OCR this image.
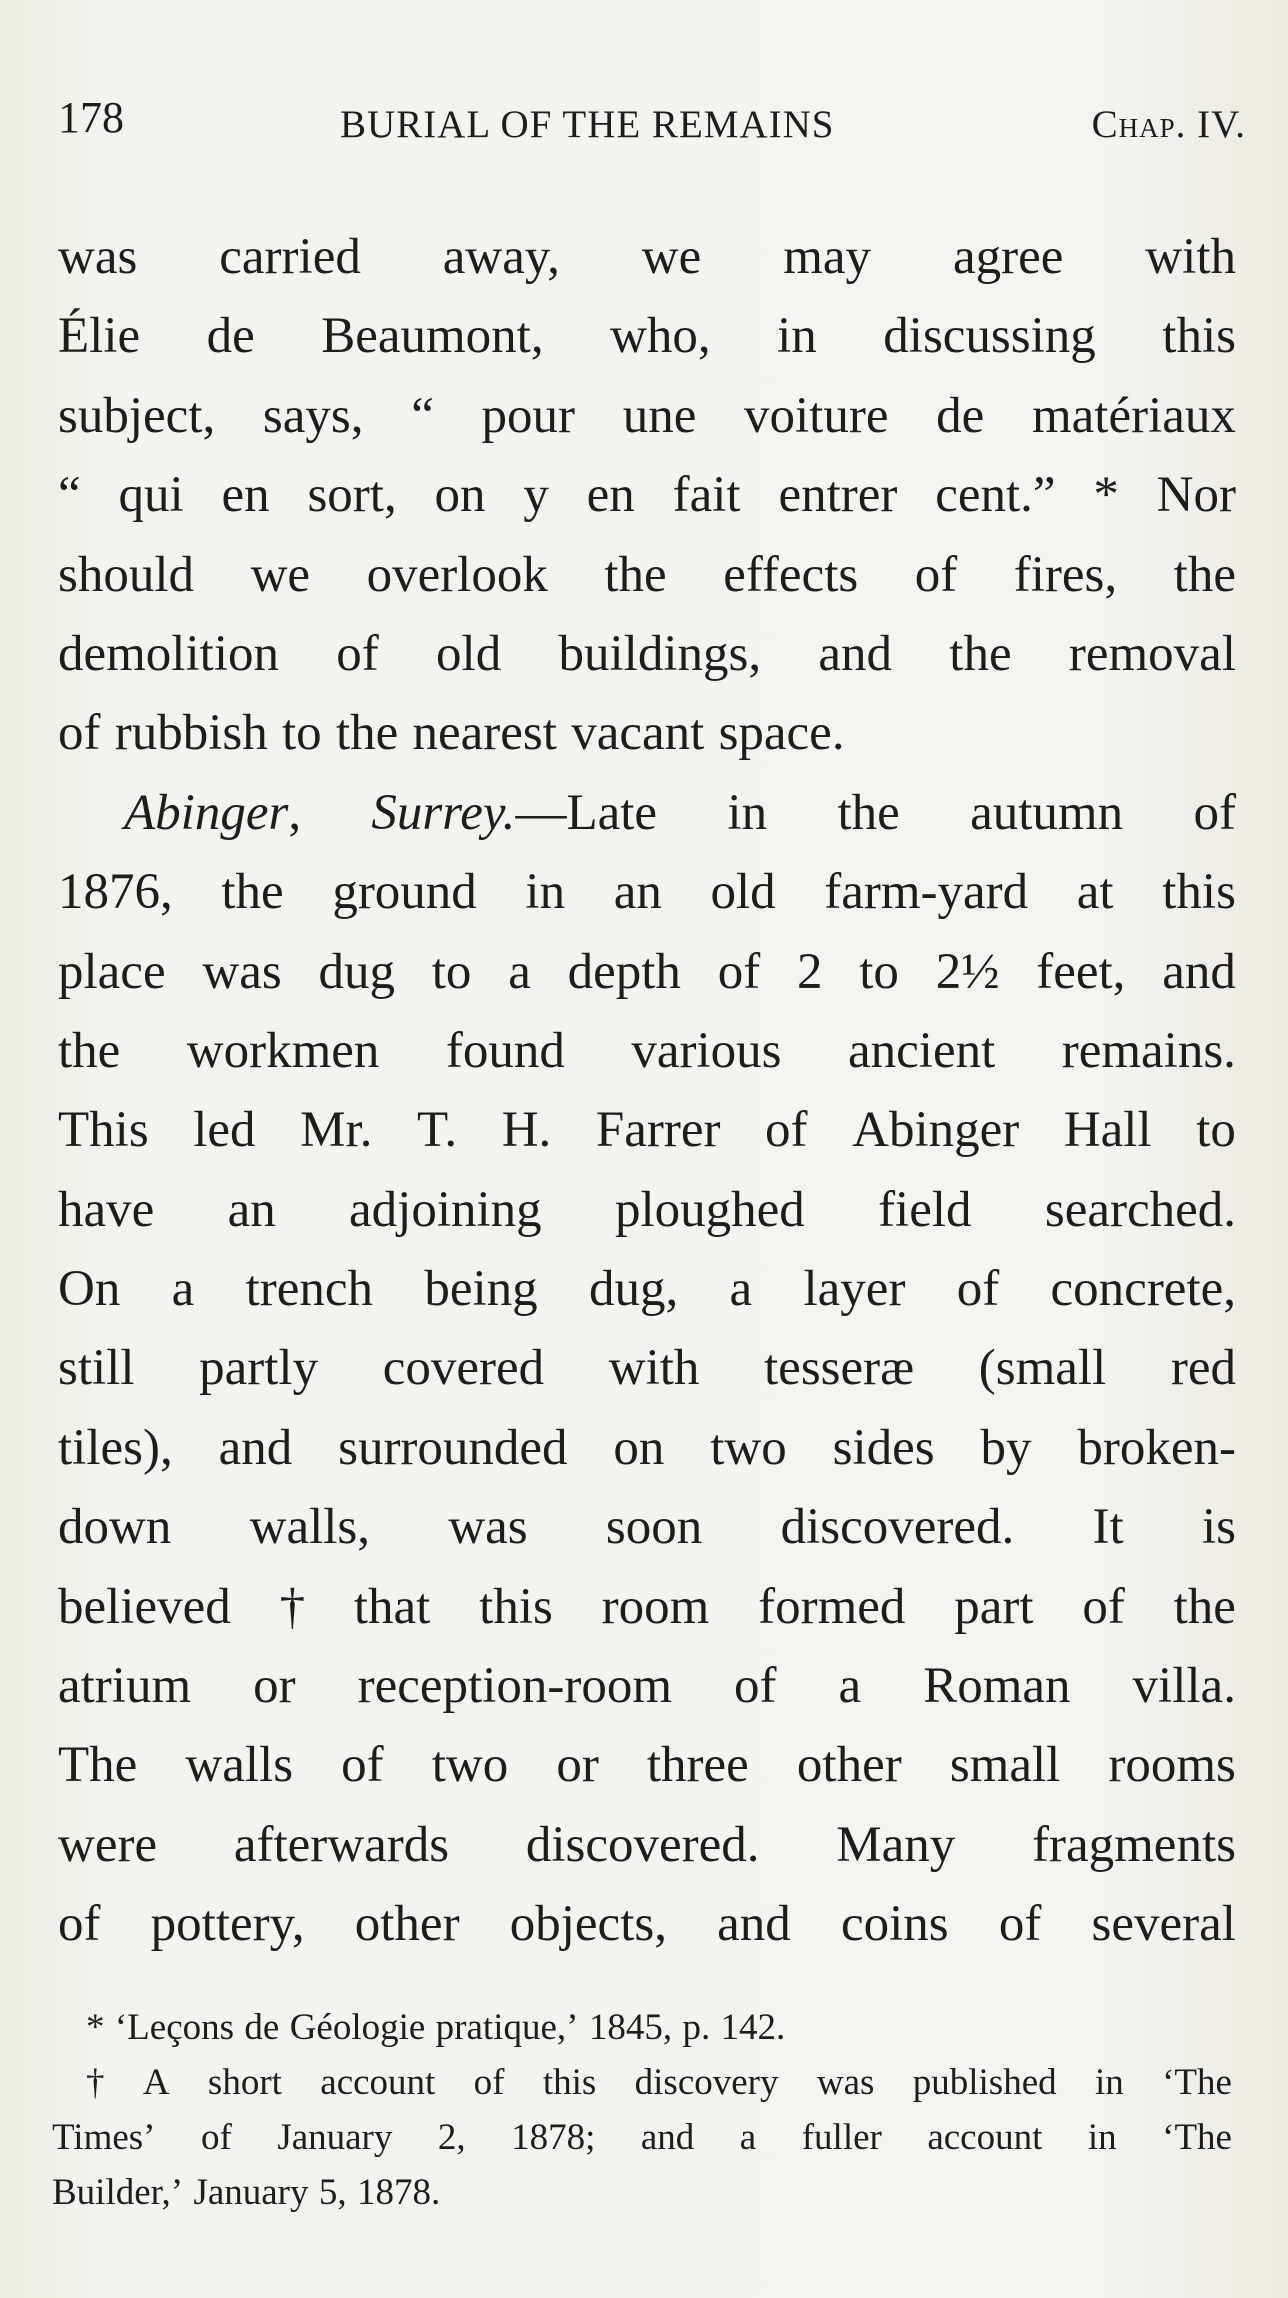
178	BURIAL OF THE REMAINS	Chap. IV.
was carried away, we may agree with
Élie de Beaumont, who, in discussing this
subject, says, “ pour une voiture de matériaux
“ qui en sort, on y en fait entrer cent.” * Nor
should we overlook the effects of fires, the
demolition of old buildings, and the removal
of rubbish to the nearest vacant space.
Abinger, Surrey.—Late in the autumn of
1876, the ground in an old farm-yard at this
place was dug to a depth of 2 to 2½ feet, and
the workmen found various ancient remains.
This led Mr. T. H. Farrer of Abinger Hall to
have an adjoining ploughed field searched.
On a trench being dug, a layer of concrete,
still partly covered with tesseræ (small red
tiles), and surrounded on two sides by broken-
down walls, was soon discovered. It is
believed † that this room formed part of the
atrium or reception-room of a Roman villa.
The walls of two or three other small rooms
were afterwards discovered. Many fragments
of pottery, other objects, and coins of several
* ‘Leçons de Géologie pratique,’ 1845, p. 142.
† A short account of this discovery was published in ‘The
Times’ of January 2, 1878; and a fuller account in ‘The
Builder,’ January 5, 1878.
